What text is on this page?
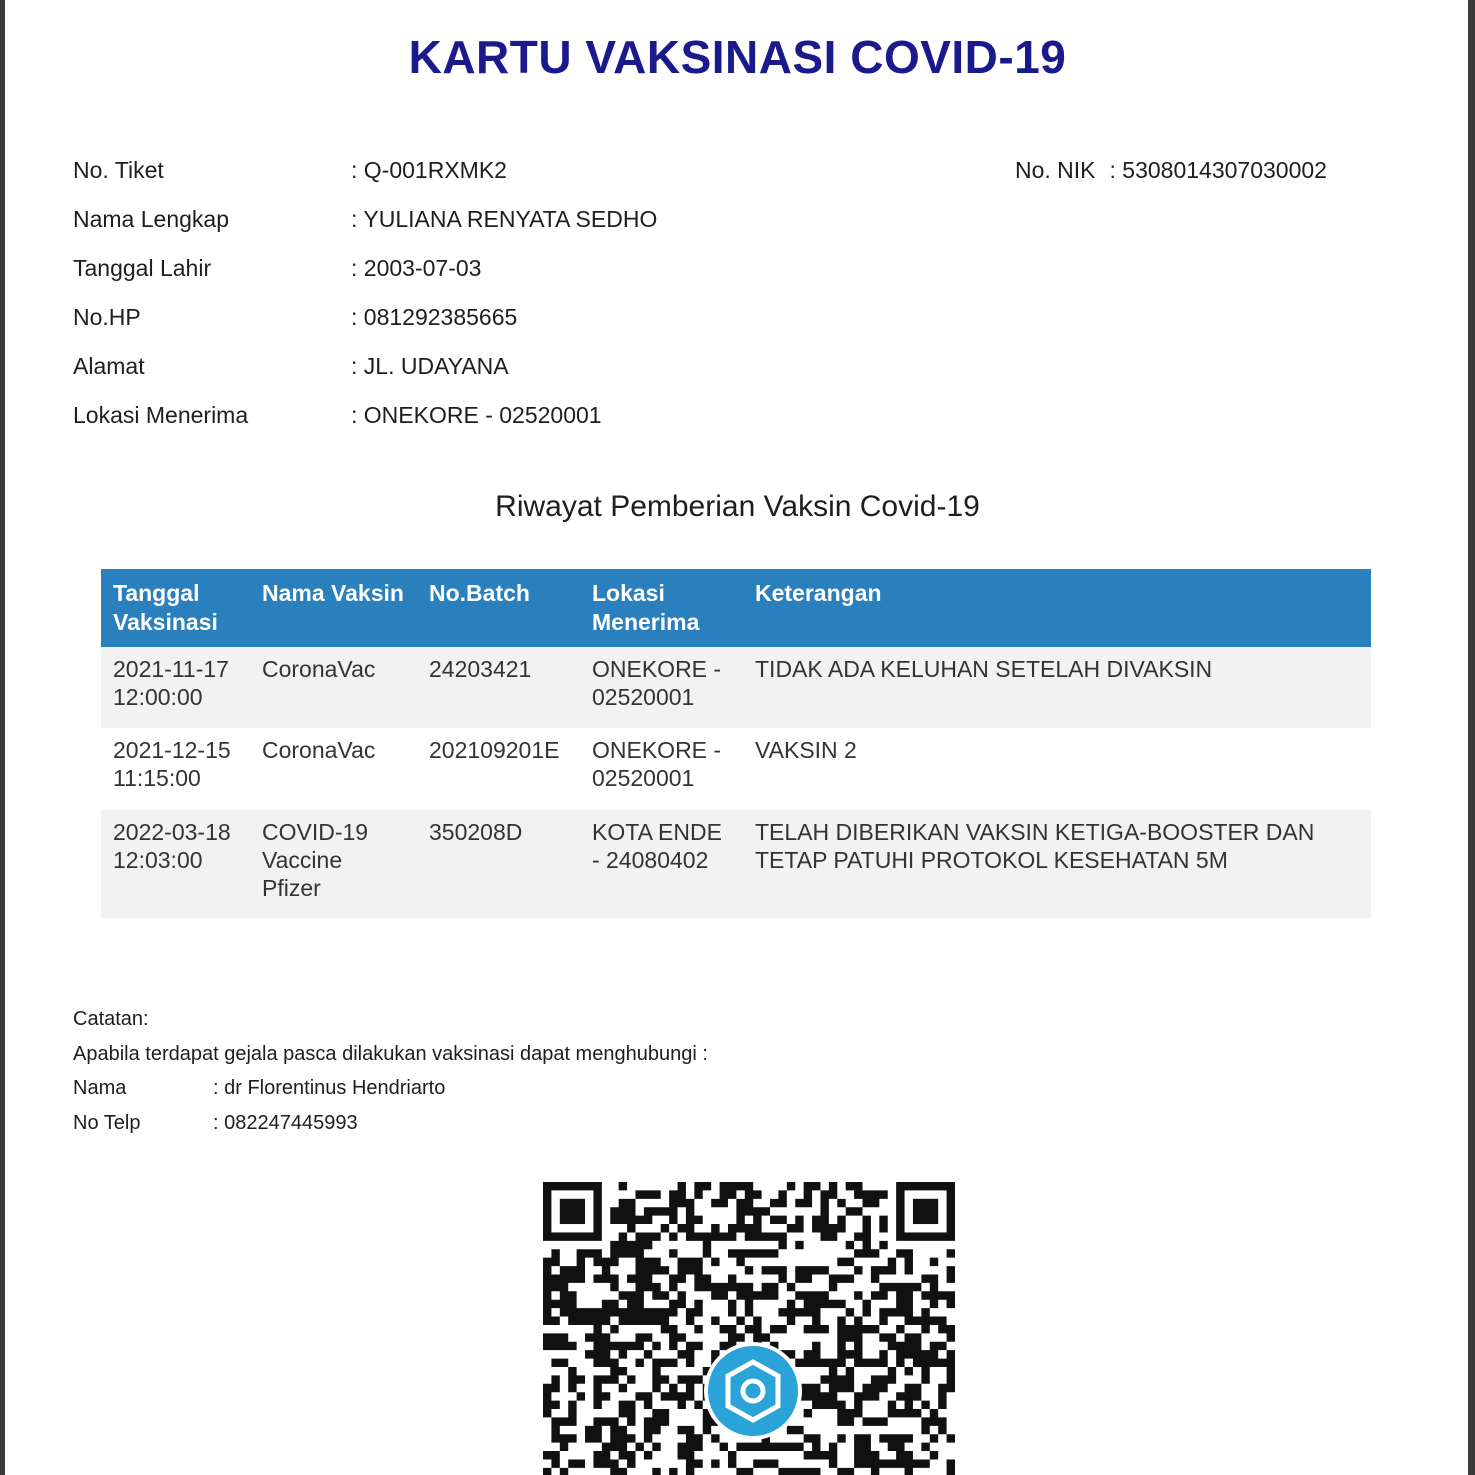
KARTU VAKSINASI COVID-19
No. Tiket	: Q-001RXMK2
Nama Lengkap	: YULIANA RENYATA SEDHO
Tanggal Lahir	: 2003-07-03
No.HP	: 081292385665
Alamat	: JL. UDAYANA
Lokasi Menerima	: ONEKORE - 02520001
No. NIK : 5308014307030002
Riwayat Pemberian Vaksin Covid-19
Tanggal Vaksinasi	Nama Vaksin	No.Batch	Lokasi Menerima	Keterangan
2021-11-17 12:00:00	CoronaVac	24203421	ONEKORE - 02520001	TIDAK ADA KELUHAN SETELAH DIVAKSIN
2021-12-15 11:15:00	CoronaVac	202109201E	ONEKORE - 02520001	VAKSIN 2
2022-03-18 12:03:00	COVID-19 Vaccine Pfizer	350208D	KOTA ENDE - 24080402	TELAH DIBERIKAN VAKSIN KETIGA-BOOSTER DAN TETAP PATUHI PROTOKOL KESEHATAN 5M
Catatan:
Apabila terdapat gejala pasca dilakukan vaksinasi dapat menghubungi :
Nama	: dr Florentinus Hendriarto
No Telp	: 082247445993
